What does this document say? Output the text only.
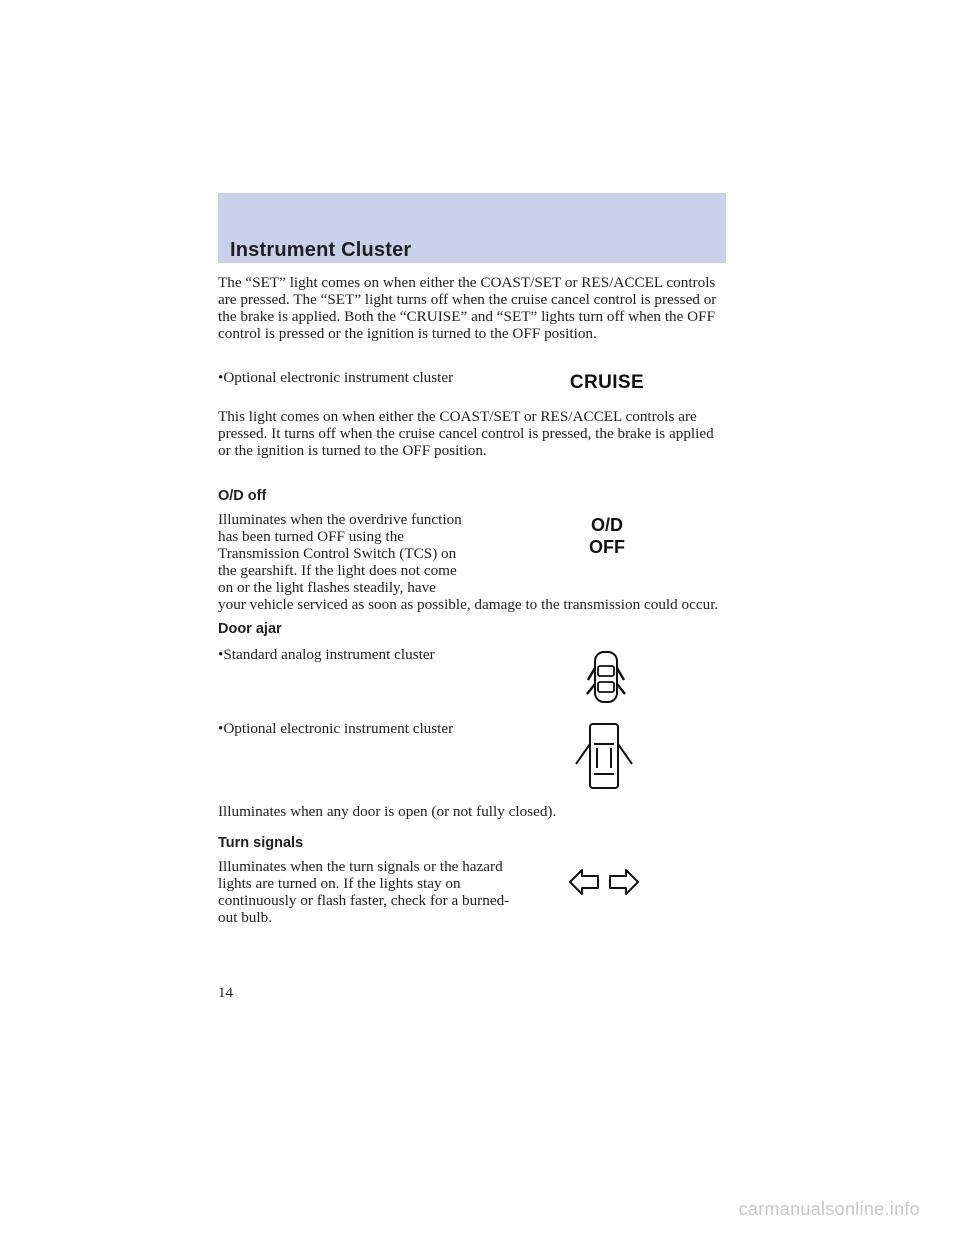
Instrument Cluster

The “SET” light comes on when either the COAST/SET or RES/ACCEL controls are pressed. The “SET” light turns off when the cruise cancel control is pressed or the brake is applied. Both the “CRUISE” and “SET” lights turn off when the OFF control is pressed or the ignition is turned to the OFF position.

• Optional electronic instrument cluster	CRUISE

This light comes on when either the COAST/SET or RES/ACCEL controls are pressed. It turns off when the cruise cancel control is pressed, the brake is applied or the ignition is turned to the OFF position.

O/D off

Illuminates when the overdrive function has been turned OFF using the Transmission Control Switch (TCS) on the gearshift. If the light does not come on or the light flashes steadily, have your vehicle serviced as soon as possible, damage to the transmission could occur.

O/D
OFF
Door ajar

• Standard analog instrument cluster

• Optional electronic instrument cluster

Illuminates when any door is open (or not fully closed).

Turn signals

Illuminates when the turn signals or the hazard lights are turned on. If the lights stay on continuously or flash faster, check for a burned-out bulb.

14

carmanualsonline.info
